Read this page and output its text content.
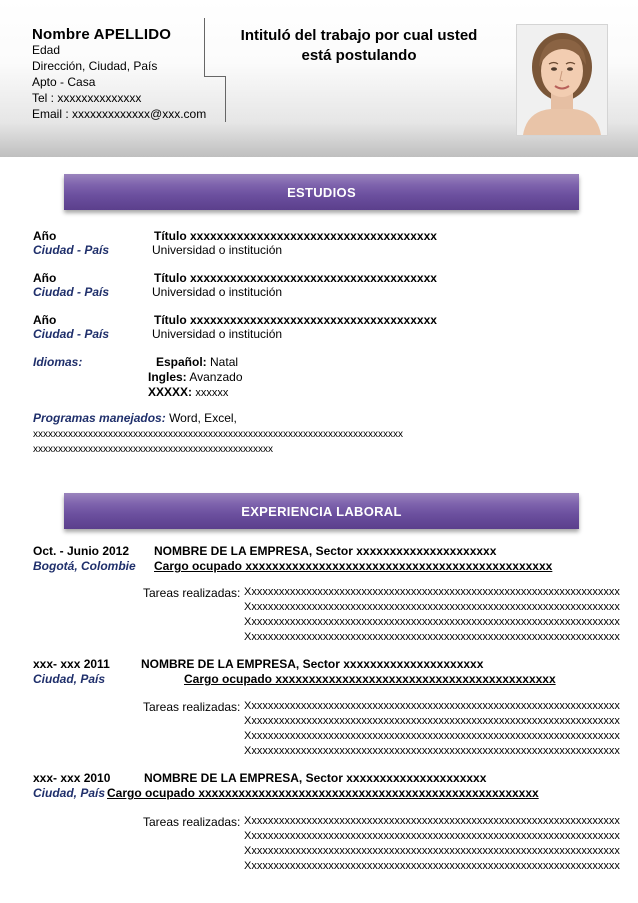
Nombre APELLIDO
Edad
Dirección, Ciudad, País
Apto - Casa
Tel : xxxxxxxxxxxxxx
Email : xxxxxxxxxxxxx@xxx.com
Intituló del trabajo por cual usted
está postulando
ESTUDIOS
Año	Título xxxxxxxxxxxxxxxxxxxxxxxxxxxxxxxxxxxxx
Ciudad - País	Universidad o institución
Año	Título xxxxxxxxxxxxxxxxxxxxxxxxxxxxxxxxxxxxx
Ciudad - País	Universidad o institución
Año	Título xxxxxxxxxxxxxxxxxxxxxxxxxxxxxxxxxxxxx
Ciudad - País	Universidad o institución
Idiomas:	Español: Natal
Ingles: Avanzado
XXXXX: xxxxxx
Programas manejados: Word, Excel,
xxxxxxxxxxxxxxxxxxxxxxxxxxxxxxxxxxxxxxxxxxxxxxxxxxxxxxxxxxxxxxxxxxxxxxxxxx
xxxxxxxxxxxxxxxxxxxxxxxxxxxxxxxxxxxxxxxxxxxxxxxx
EXPERIENCIA LABORAL
Oct. - Junio 2012 NOMBRE DE LA EMPRESA, Sector xxxxxxxxxxxxxxxxxxxxx
Bogotá, Colombie Cargo ocupado xxxxxxxxxxxxxxxxxxxxxxxxxxxxxxxxxxxxxxxxxxxxxx
Tareas realizadas: Xxxxxxxxxxxxxxxxxxxxxxxxxxxxxxxxxxxxxxxxxxxxxxxxxxxxxxxxxxxxxxxxxxxx
Xxxxxxxxxxxxxxxxxxxxxxxxxxxxxxxxxxxxxxxxxxxxxxxxxxxxxxxxxxxxxxxxxxxx
Xxxxxxxxxxxxxxxxxxxxxxxxxxxxxxxxxxxxxxxxxxxxxxxxxxxxxxxxxxxxxxxxxxxx
Xxxxxxxxxxxxxxxxxxxxxxxxxxxxxxxxxxxxxxxxxxxxxxxxxxxxxxxxxxxxxxxxxxxx
xxx- xxx 2011	NOMBRE DE LA EMPRESA, Sector xxxxxxxxxxxxxxxxxxxxx
Ciudad, País	Cargo ocupado xxxxxxxxxxxxxxxxxxxxxxxxxxxxxxxxxxxxxxxxxx
Tareas realizadas: Xxxxxxxxxxxxxxxxxxxxxxxxxxxxxxxxxxxxxxxxxxxxxxxxxxxxxxxxxxxxxxxxxxxx
Xxxxxxxxxxxxxxxxxxxxxxxxxxxxxxxxxxxxxxxxxxxxxxxxxxxxxxxxxxxxxxxxxxxx
Xxxxxxxxxxxxxxxxxxxxxxxxxxxxxxxxxxxxxxxxxxxxxxxxxxxxxxxxxxxxxxxxxxxx
Xxxxxxxxxxxxxxxxxxxxxxxxxxxxxxxxxxxxxxxxxxxxxxxxxxxxxxxxxxxxxxxxxxxx
xxx- xxx 2010	NOMBRE DE LA EMPRESA, Sector xxxxxxxxxxxxxxxxxxxxx
Ciudad, País Cargo ocupado xxxxxxxxxxxxxxxxxxxxxxxxxxxxxxxxxxxxxxxxxxxxxxxxxxx
Tareas realizadas: Xxxxxxxxxxxxxxxxxxxxxxxxxxxxxxxxxxxxxxxxxxxxxxxxxxxxxxxxxxxxxxxxxxxx
Xxxxxxxxxxxxxxxxxxxxxxxxxxxxxxxxxxxxxxxxxxxxxxxxxxxxxxxxxxxxxxxxxxxx
Xxxxxxxxxxxxxxxxxxxxxxxxxxxxxxxxxxxxxxxxxxxxxxxxxxxxxxxxxxxxxxxxxxxx
Xxxxxxxxxxxxxxxxxxxxxxxxxxxxxxxxxxxxxxxxxxxxxxxxxxxxxxxxxxxxxxxxxxxx
